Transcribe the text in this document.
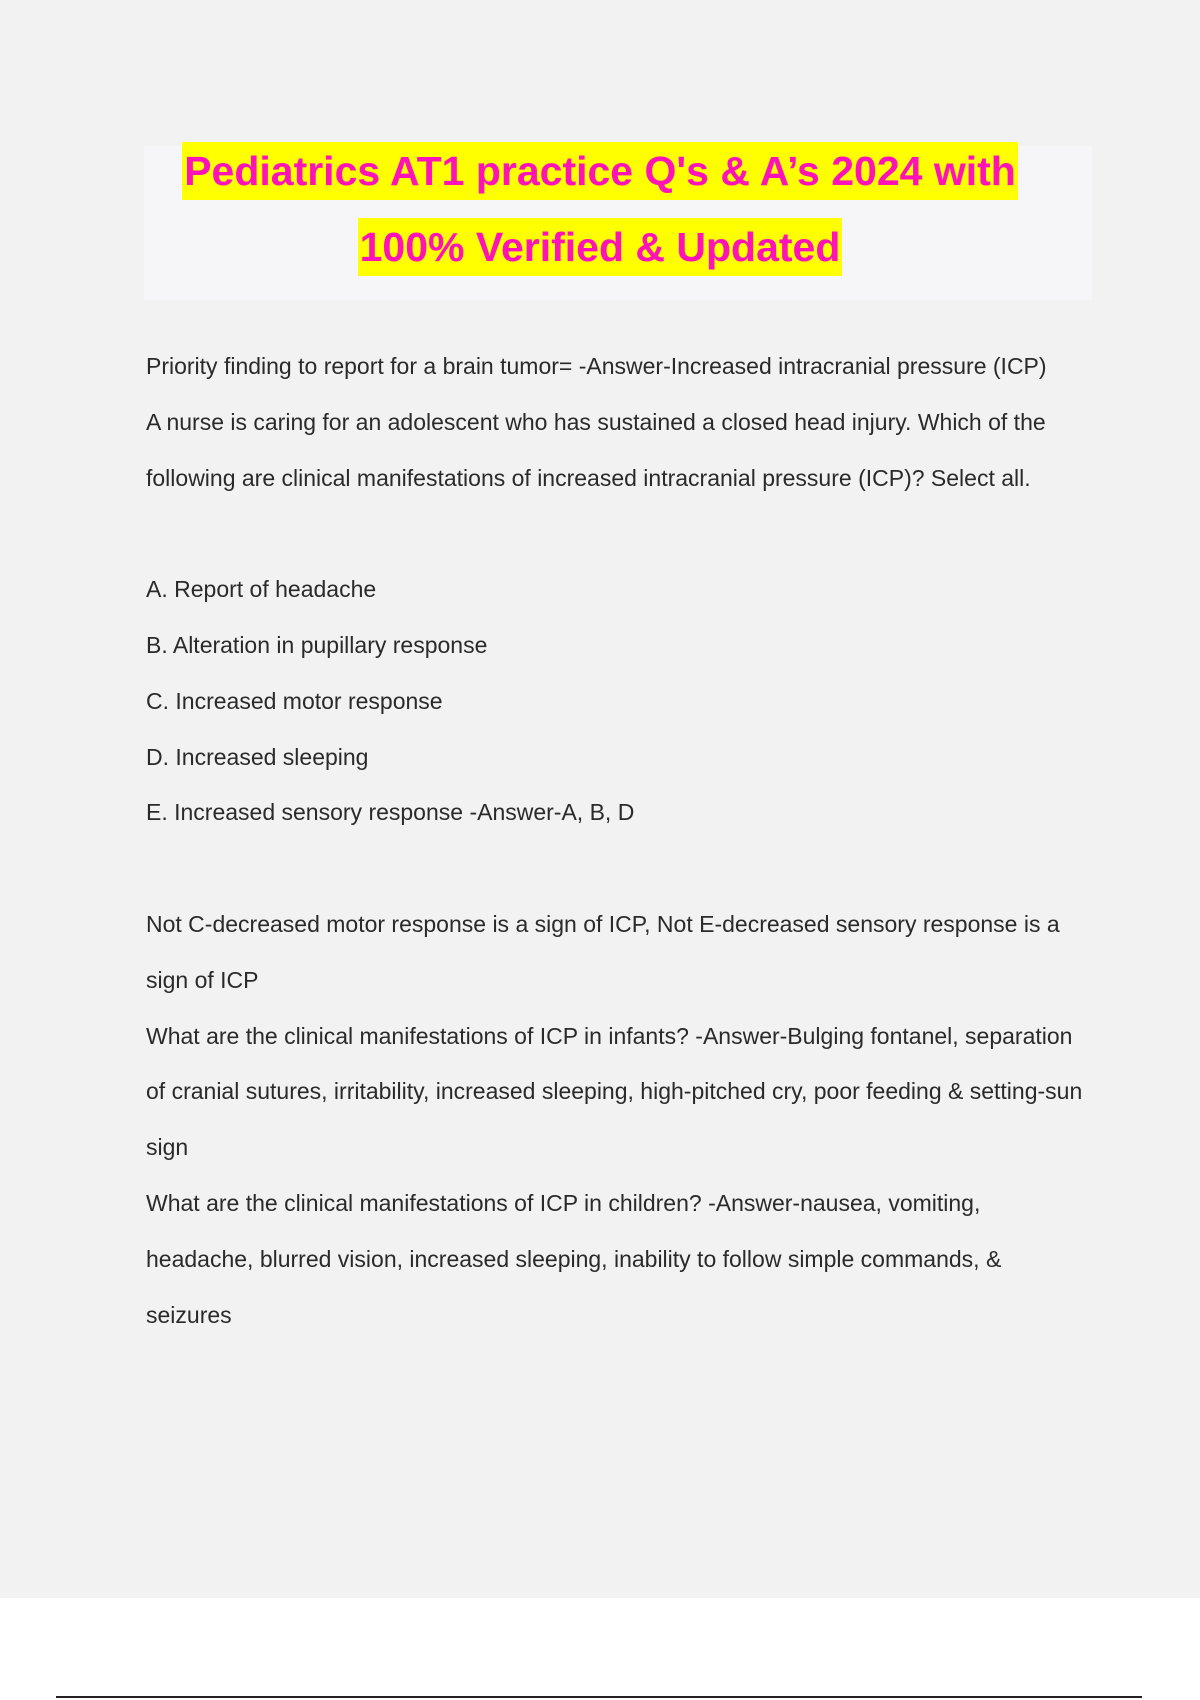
Pediatrics AT1 practice Q's & A’s 2024 with
100% Verified & Updated

Priority finding to report for a brain tumor= -Answer-Increased intracranial pressure (ICP)

A nurse is caring for an adolescent who has sustained a closed head injury. Which of the following are clinical manifestations of increased intracranial pressure (ICP)? Select all.

A. Report of headache

B. Alteration in pupillary response

C. Increased motor response

D. Increased sleeping

E. Increased sensory response -Answer-A, B, D

Not C-decreased motor response is a sign of ICP, Not E-decreased sensory response is a sign of ICP

What are the clinical manifestations of ICP in infants? -Answer-Bulging fontanel, separation of cranial sutures, irritability, increased sleeping, high-pitched cry, poor feeding & setting-sun sign

What are the clinical manifestations of ICP in children? -Answer-nausea, vomiting, headache, blurred vision, increased sleeping, inability to follow simple commands, & seizures
